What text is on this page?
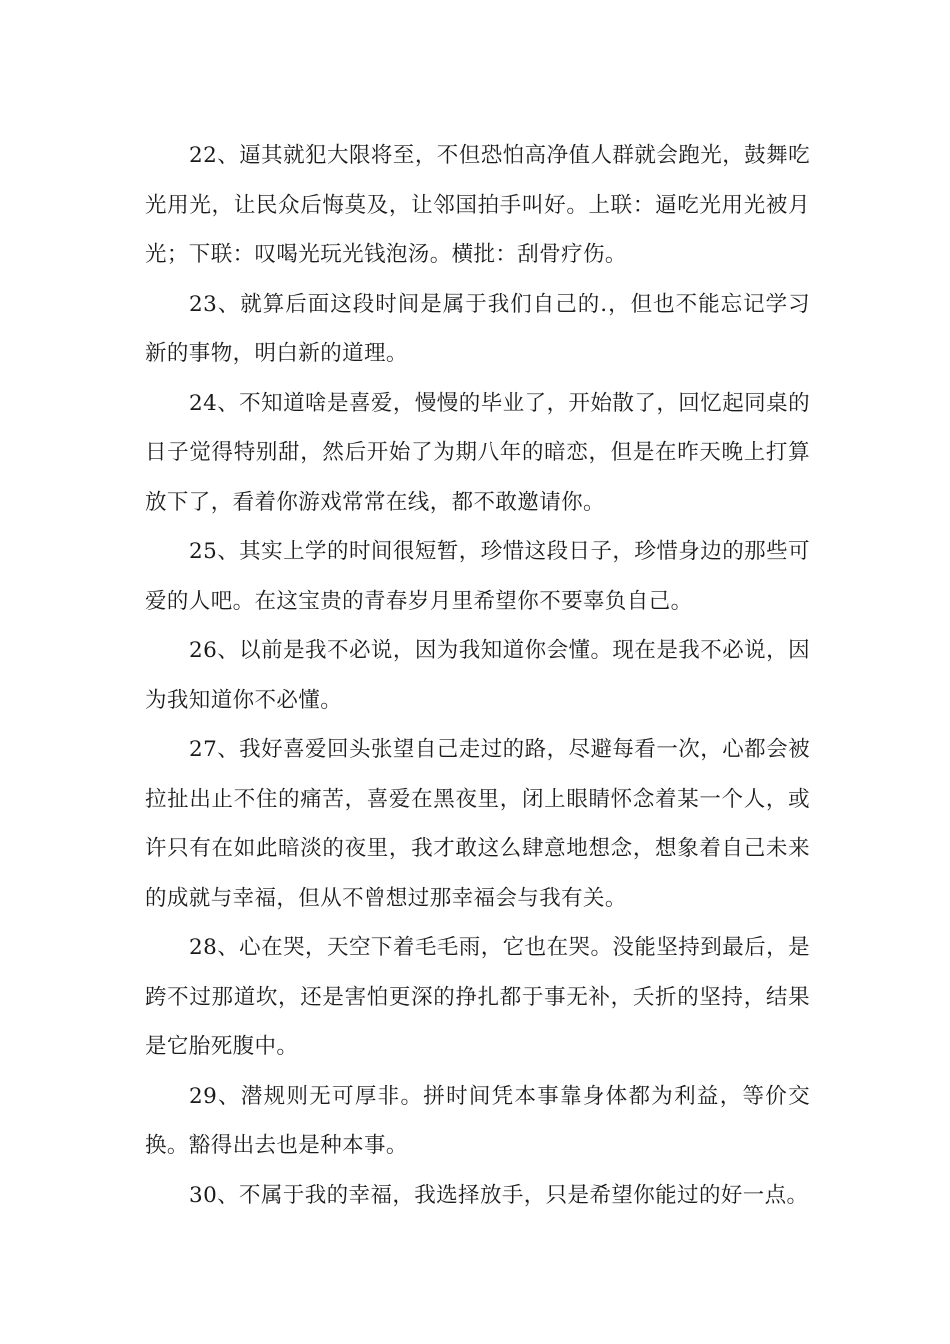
22、逼其就犯大限将至，不但恐怕高净值人群就会跑光，鼓舞吃光用光，让民众后悔莫及，让邻国拍手叫好。上联：逼吃光用光被月光；下联：叹喝光玩光钱泡汤。横批：刮骨疗伤。

23、就算后面这段时间是属于我们自己的.，但也不能忘记学习新的事物，明白新的道理。

24、不知道啥是喜爱，慢慢的毕业了，开始散了，回忆起同桌的日子觉得特别甜，然后开始了为期八年的暗恋，但是在昨天晚上打算放下了，看着你游戏常常在线，都不敢邀请你。

25、其实上学的时间很短暂，珍惜这段日子，珍惜身边的那些可爱的人吧。在这宝贵的青春岁月里希望你不要辜负自己。

26、以前是我不必说，因为我知道你会懂。现在是我不必说，因为我知道你不必懂。

27、我好喜爱回头张望自己走过的路，尽避每看一次，心都会被拉扯出止不住的痛苦，喜爱在黑夜里，闭上眼睛怀念着某一个人，或许只有在如此暗淡的夜里，我才敢这么肆意地想念，想象着自己未来的成就与幸福，但从不曾想过那幸福会与我有关。

28、心在哭，天空下着毛毛雨，它也在哭。没能坚持到最后，是跨不过那道坎，还是害怕更深的挣扎都于事无补，夭折的坚持，结果是它胎死腹中。

29、潜规则无可厚非。拼时间凭本事靠身体都为利益，等价交换。豁得出去也是种本事。

30、不属于我的幸福，我选择放手，只是希望你能过的好一点。
